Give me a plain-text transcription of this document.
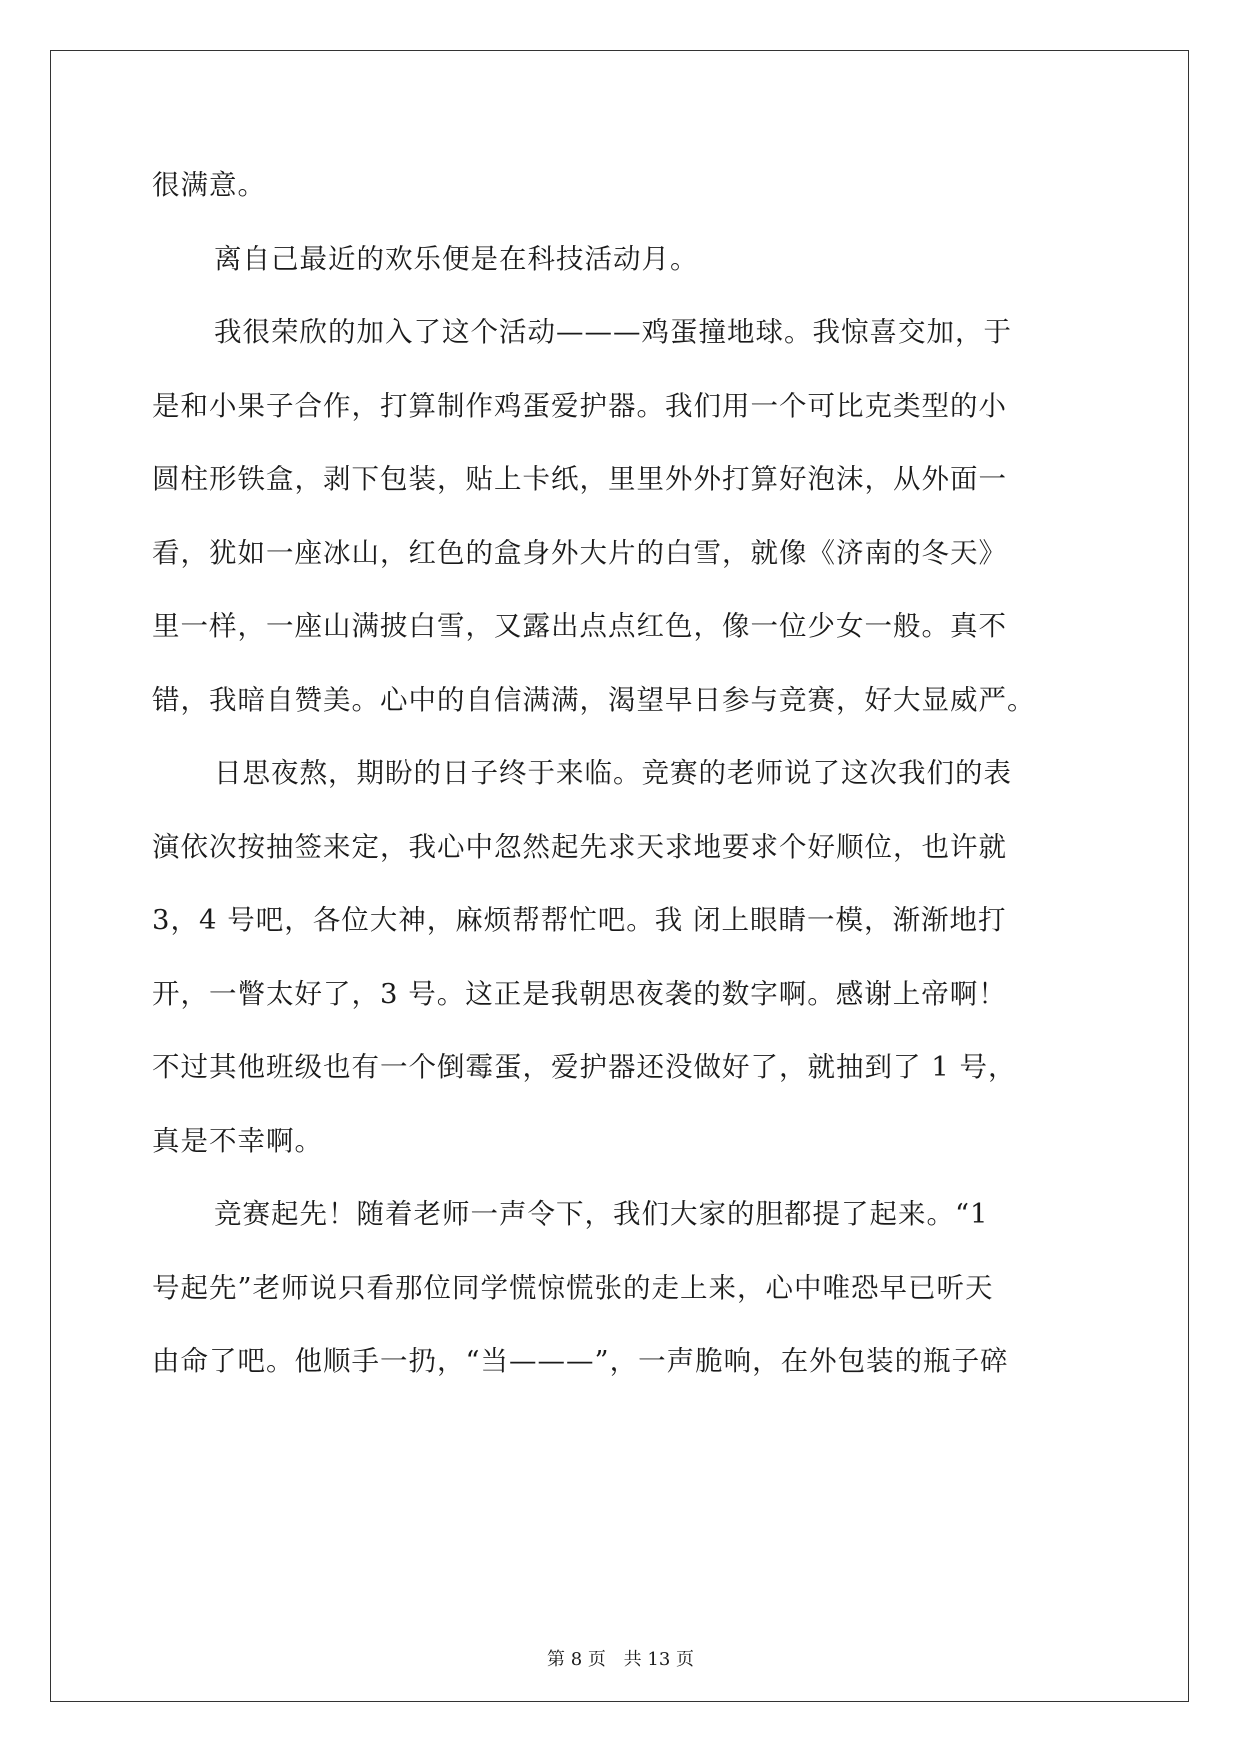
很满意。
离自己最近的欢乐便是在科技活动月。
我很荣欣的加入了这个活动———鸡蛋撞地球。我惊喜交加，于
是和小果子合作，打算制作鸡蛋爱护器。我们用一个可比克类型的小
圆柱形铁盒，剥下包装，贴上卡纸，里里外外打算好泡沫，从外面一
看，犹如一座冰山，红色的盒身外大片的白雪，就像《济南的冬天》
里一样，一座山满披白雪，又露出点点红色，像一位少女一般。真不
错，我暗自赞美。心中的自信满满，渴望早日参与竞赛，好大显威严。
日思夜熬，期盼的日子终于来临。竞赛的老师说了这次我们的表
演依次按抽签来定，我心中忽然起先求天求地要求个好顺位，也许就
3，4 号吧，各位大神，麻烦帮帮忙吧。我 闭上眼睛一模，渐渐地打
开，一瞥太好了，3 号。这正是我朝思夜袭的数字啊。感谢上帝啊！
不过其他班级也有一个倒霉蛋，爱护器还没做好了，就抽到了 1 号，
真是不幸啊。
竞赛起先！随着老师一声令下，我们大家的胆都提了起来。“1
号起先”老师说只看那位同学慌惊慌张的走上来，心中唯恐早已听天
由命了吧。他顺手一扔，“当———”，一声脆响，在外包装的瓶子碎
第 8 页 共 13 页
